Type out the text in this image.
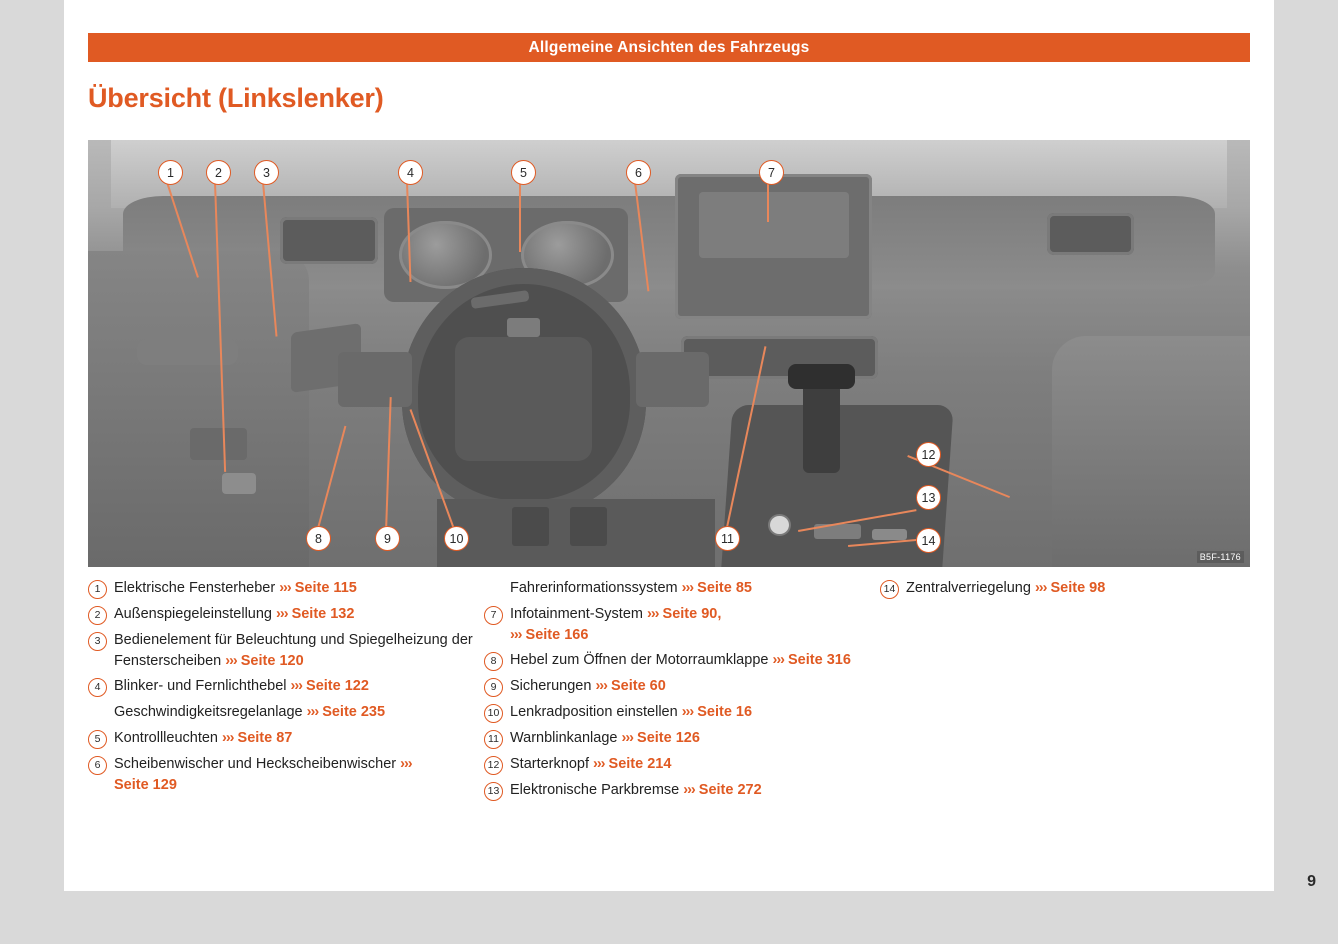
Allgemeine Ansichten des Fahrzeugs
Übersicht (Linkslenker)
1	2	3	4	5	6	7
8	9	10	11
12
13
14
B5F-1176
1 Elektrische Fensterheber ››› Seite 115
2 Außenspiegeleinstellung ››› Seite 132
3 Bedienelement für Beleuchtung und Spiegelheizung der Fensterscheiben ››› Seite 120
4 Blinker- und Fernlichthebel ››› Seite 122
Geschwindigkeitsregelanlage ››› Seite 235
5 Kontrollleuchten ››› Seite 87
6 Scheibenwischer und Heckscheibenwischer ››› Seite 129
Fahrerinformationssystem ››› Seite 85
7 Infotainment-System ››› Seite 90,
››› Seite 166
8 Hebel zum Öffnen der Motorraumklappe ››› Seite 316
9 Sicherungen ››› Seite 60
10 Lenkradposition einstellen ››› Seite 16
11 Warnblinkanlage ››› Seite 126
12 Starterknopf ››› Seite 214
13 Elektronische Parkbremse ››› Seite 272
14 Zentralverriegelung ››› Seite 98
9
